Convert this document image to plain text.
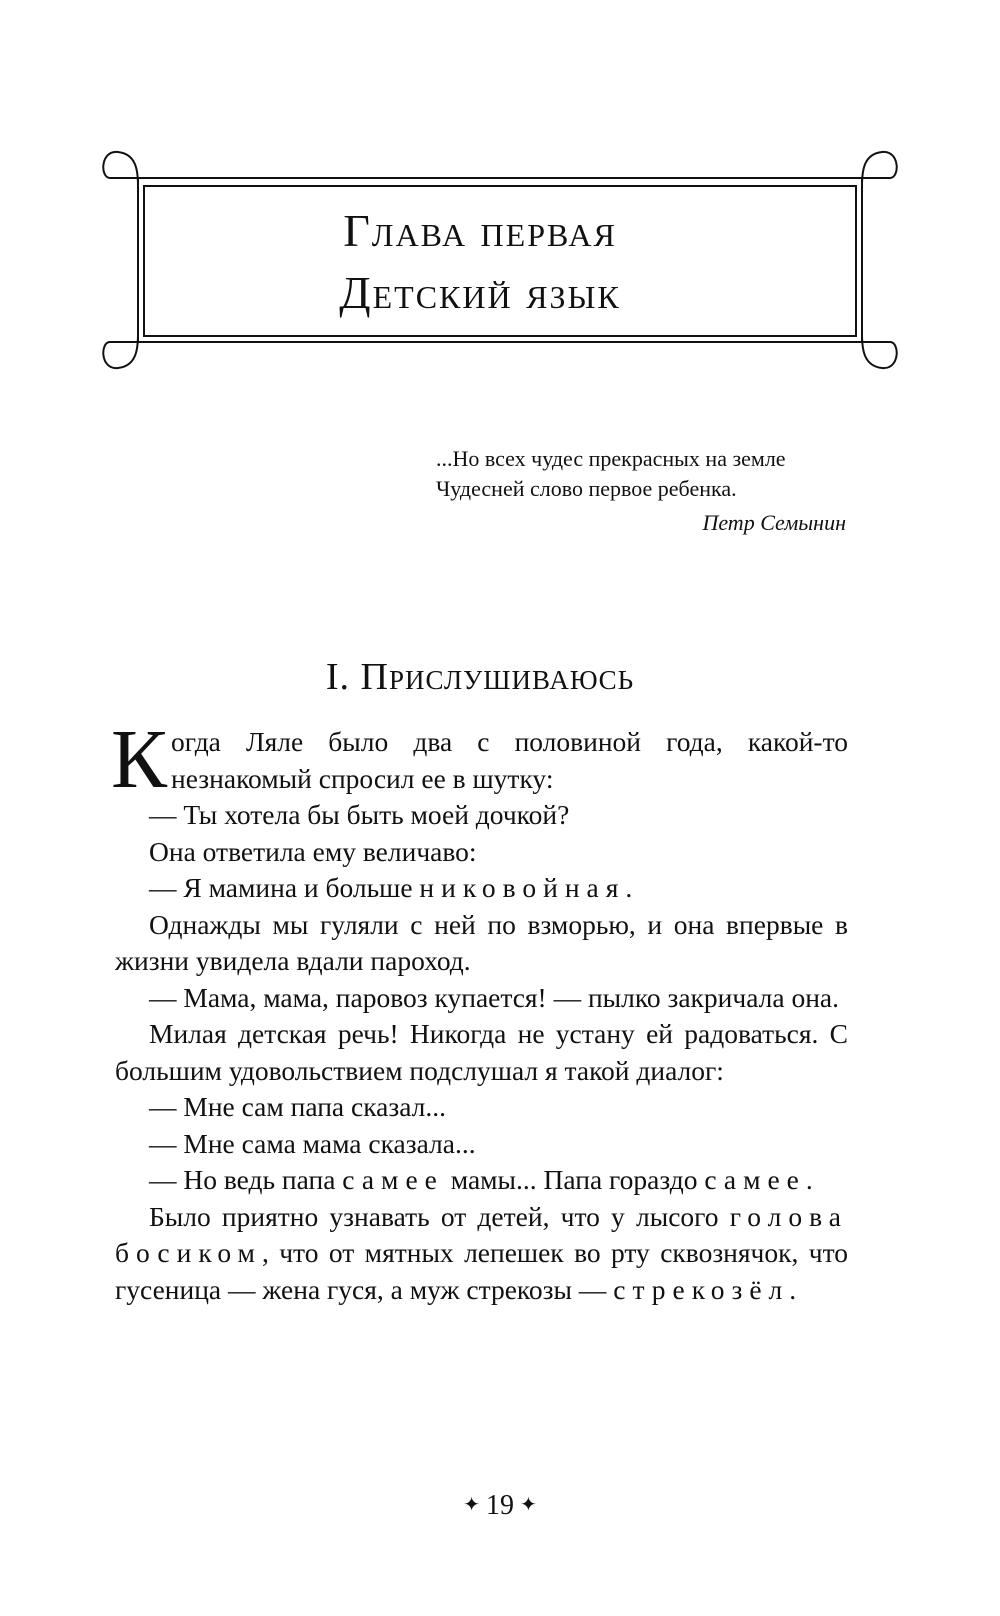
Глава первая
Детский язык
...Но всех чудес прекрасных на земле
Чудесней слово первое ребенка.
Петр Семынин
I. Прислушиваюсь

Когда Ляле было два с половиной года, какой-то незнакомый спросил ее в шутку:

— Ты хотела бы быть моей дочкой?

Она ответила ему величаво:

— Я мамина и больше никовойная.

Однажды мы гуляли с ней по взморью, и она впервые в жизни увидела вдали пароход.

— Мама, мама, паровоз купается! — пылко закричала она.

Милая детская речь! Никогда не устану ей радоваться. С большим удовольствием подслушал я такой диалог:

— Мне сам папа сказал...

— Мне сама мама сказала...

— Но ведь папа самее мамы... Папа гораздо самее.

Было приятно узнавать от детей, что у лысого голова босиком, что от мятных лепешек во рту сквознячок, что гусеница — жена гуся, а муж стрекозы — стрекозёл.

✦ 19 ✦
